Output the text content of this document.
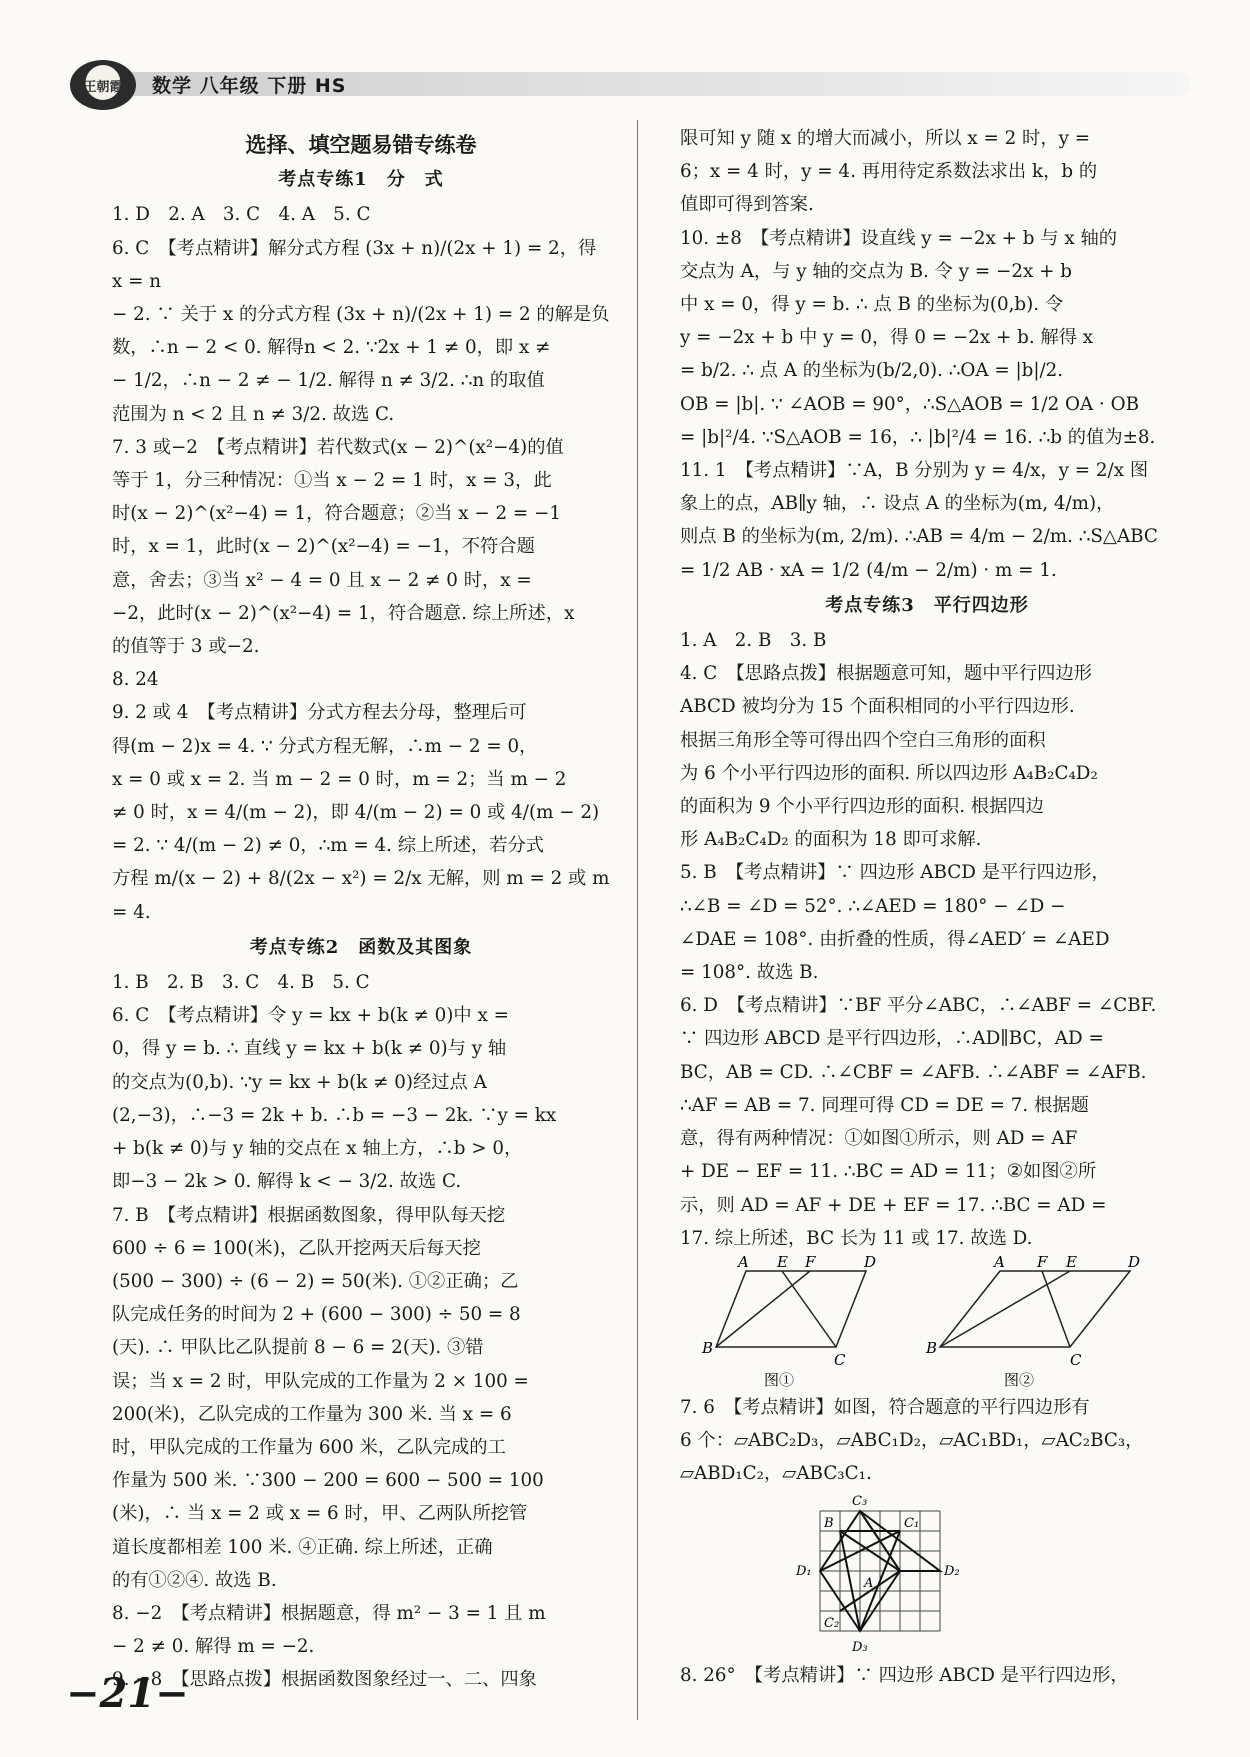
王朝霞 数学 八年级 下册 HS
选择、填空题易错专练卷
考点专练1　分　式
1. D　2. A　3. C　4. A　5. C
6. C　【考点精讲】解分式方程 (3x + n)/(2x + 1) = 2，得 x = n
− 2. ∵ 关于 x 的分式方程 (3x + n)/(2x + 1) = 2 的解是负
数，∴n − 2 < 0. 解得n < 2. ∵2x + 1 ≠ 0，即 x ≠
− 1/2，∴n − 2 ≠ − 1/2. 解得 n ≠ 3/2. ∴n 的取值
范围为 n < 2 且 n ≠ 3/2. 故选 C.
7. 3 或−2　【考点精讲】若代数式(x − 2)^(x²−4)的值
等于 1，分三种情况：①当 x − 2 = 1 时，x = 3，此
时(x − 2)^(x²−4) = 1，符合题意；②当 x − 2 = −1
时，x = 1，此时(x − 2)^(x²−4) = −1，不符合题
意，舍去；③当 x² − 4 = 0 且 x − 2 ≠ 0 时，x =
−2，此时(x − 2)^(x²−4) = 1，符合题意. 综上所述，x
的值等于 3 或−2.
8. 24
9. 2 或 4　【考点精讲】分式方程去分母，整理后可
得(m − 2)x = 4. ∵ 分式方程无解，∴m − 2 = 0，
x = 0 或 x = 2. 当 m − 2 = 0 时，m = 2；当 m − 2
≠ 0 时，x = 4/(m − 2)，即 4/(m − 2) = 0 或 4/(m − 2)
= 2. ∵ 4/(m − 2) ≠ 0，∴m = 4. 综上所述，若分式
方程 m/(x − 2) + 8/(2x − x²) = 2/x 无解，则 m = 2 或 m
= 4.
考点专练2　函数及其图象
1. B　2. B　3. C　4. B　5. C
6. C　【考点精讲】令 y = kx + b(k ≠ 0)中 x =
0，得 y = b. ∴ 直线 y = kx + b(k ≠ 0)与 y 轴
的交点为(0,b). ∵y = kx + b(k ≠ 0)经过点 A
(2,−3)，∴−3 = 2k + b. ∴b = −3 − 2k. ∵y = kx
+ b(k ≠ 0)与 y 轴的交点在 x 轴上方，∴b > 0，
即−3 − 2k > 0. 解得 k < − 3/2. 故选 C.
7. B　【考点精讲】根据函数图象，得甲队每天挖
600 ÷ 6 = 100(米)，乙队开挖两天后每天挖
(500 − 300) ÷ (6 − 2) = 50(米). ①②正确；乙
队完成任务的时间为 2 + (600 − 300) ÷ 50 = 8
(天). ∴ 甲队比乙队提前 8 − 6 = 2(天). ③错
误；当 x = 2 时，甲队完成的工作量为 2 × 100 =
200(米)，乙队完成的工作量为 300 米. 当 x = 6
时，甲队完成的工作量为 600 米，乙队完成的工
作量为 500 米. ∵300 − 200 = 600 − 500 = 100
(米)，∴ 当 x = 2 或 x = 6 时，甲、乙两队所挖管
道长度都相差 100 米. ④正确. 综上所述，正确
的有①②④. 故选 B.
8. −2　【考点精讲】根据题意，得 m² − 3 = 1 且 m
− 2 ≠ 0. 解得 m = −2.
9. −8　【思路点拨】根据函数图象经过一、二、四象
限可知 y 随 x 的增大而减小，所以 x = 2 时，y =
6；x = 4 时，y = 4. 再用待定系数法求出 k，b 的
值即可得到答案.
10. ±8　【考点精讲】设直线 y = −2x + b 与 x 轴的
交点为 A，与 y 轴的交点为 B. 令 y = −2x + b
中 x = 0，得 y = b. ∴ 点 B 的坐标为(0,b). 令
y = −2x + b 中 y = 0，得 0 = −2x + b. 解得 x
= b/2. ∴ 点 A 的坐标为(b/2,0). ∴OA = |b|/2.
OB = |b|. ∵ ∠AOB = 90°，∴S△AOB = 1/2 OA · OB
= |b|²/4. ∵S△AOB = 16，∴ |b|²/4 = 16. ∴b 的值为±8.
11. 1　【考点精讲】∵A，B 分别为 y = 4/x，y = 2/x 图
象上的点，AB∥y 轴，∴ 设点 A 的坐标为(m, 4/m)，
则点 B 的坐标为(m, 2/m). ∴AB = 4/m − 2/m. ∴S△ABC
= 1/2 AB · xA = 1/2 (4/m − 2/m) · m = 1.
考点专练3　平行四边形
1. A　2. B　3. B
4. C　【思路点拨】根据题意可知，题中平行四边形
ABCD 被均分为 15 个面积相同的小平行四边形.
根据三角形全等可得出四个空白三角形的面积
为 6 个小平行四边形的面积. 所以四边形 A₄B₂C₄D₂
的面积为 9 个小平行四边形的面积. 根据四边
形 A₄B₂C₄D₂ 的面积为 18 即可求解.
5. B　【考点精讲】∵ 四边形 ABCD 是平行四边形，
∴∠B = ∠D = 52°. ∴∠AED = 180° − ∠D −
∠DAE = 108°. 由折叠的性质，得∠AED′ = ∠AED
= 108°. 故选 B.
6. D　【考点精讲】∵BF 平分∠ABC，∴∠ABF = ∠CBF.
∵ 四边形 ABCD 是平行四边形，∴AD∥BC，AD =
BC，AB = CD. ∴∠CBF = ∠AFB. ∴∠ABF = ∠AFB.
∴AF = AB = 7. 同理可得 CD = DE = 7. 根据题
意，得有两种情况：①如图①所示，则 AD = AF
+ DE − EF = 11. ∴BC = AD = 11；②如图②所
示，则 AD = AF + DE + EF = 17. ∴BC = AD =
17. 综上所述，BC 长为 11 或 17. 故选 D.
A E F	D
B
C
图①
A F E	D
B
C
图②
7. 6　【考点精讲】如图，符合题意的平行四边形有
6 个：▱ABC₂D₃，▱ABC₁D₂，▱AC₁BD₁，▱AC₂BC₃，
▱ABD₁C₂，▱ABC₃C₁.
C₃
B	C₁
D₁
A
D₂
C₂
D₃
8. 26°　【考点精讲】∵ 四边形 ABCD 是平行四边形，
−21−
